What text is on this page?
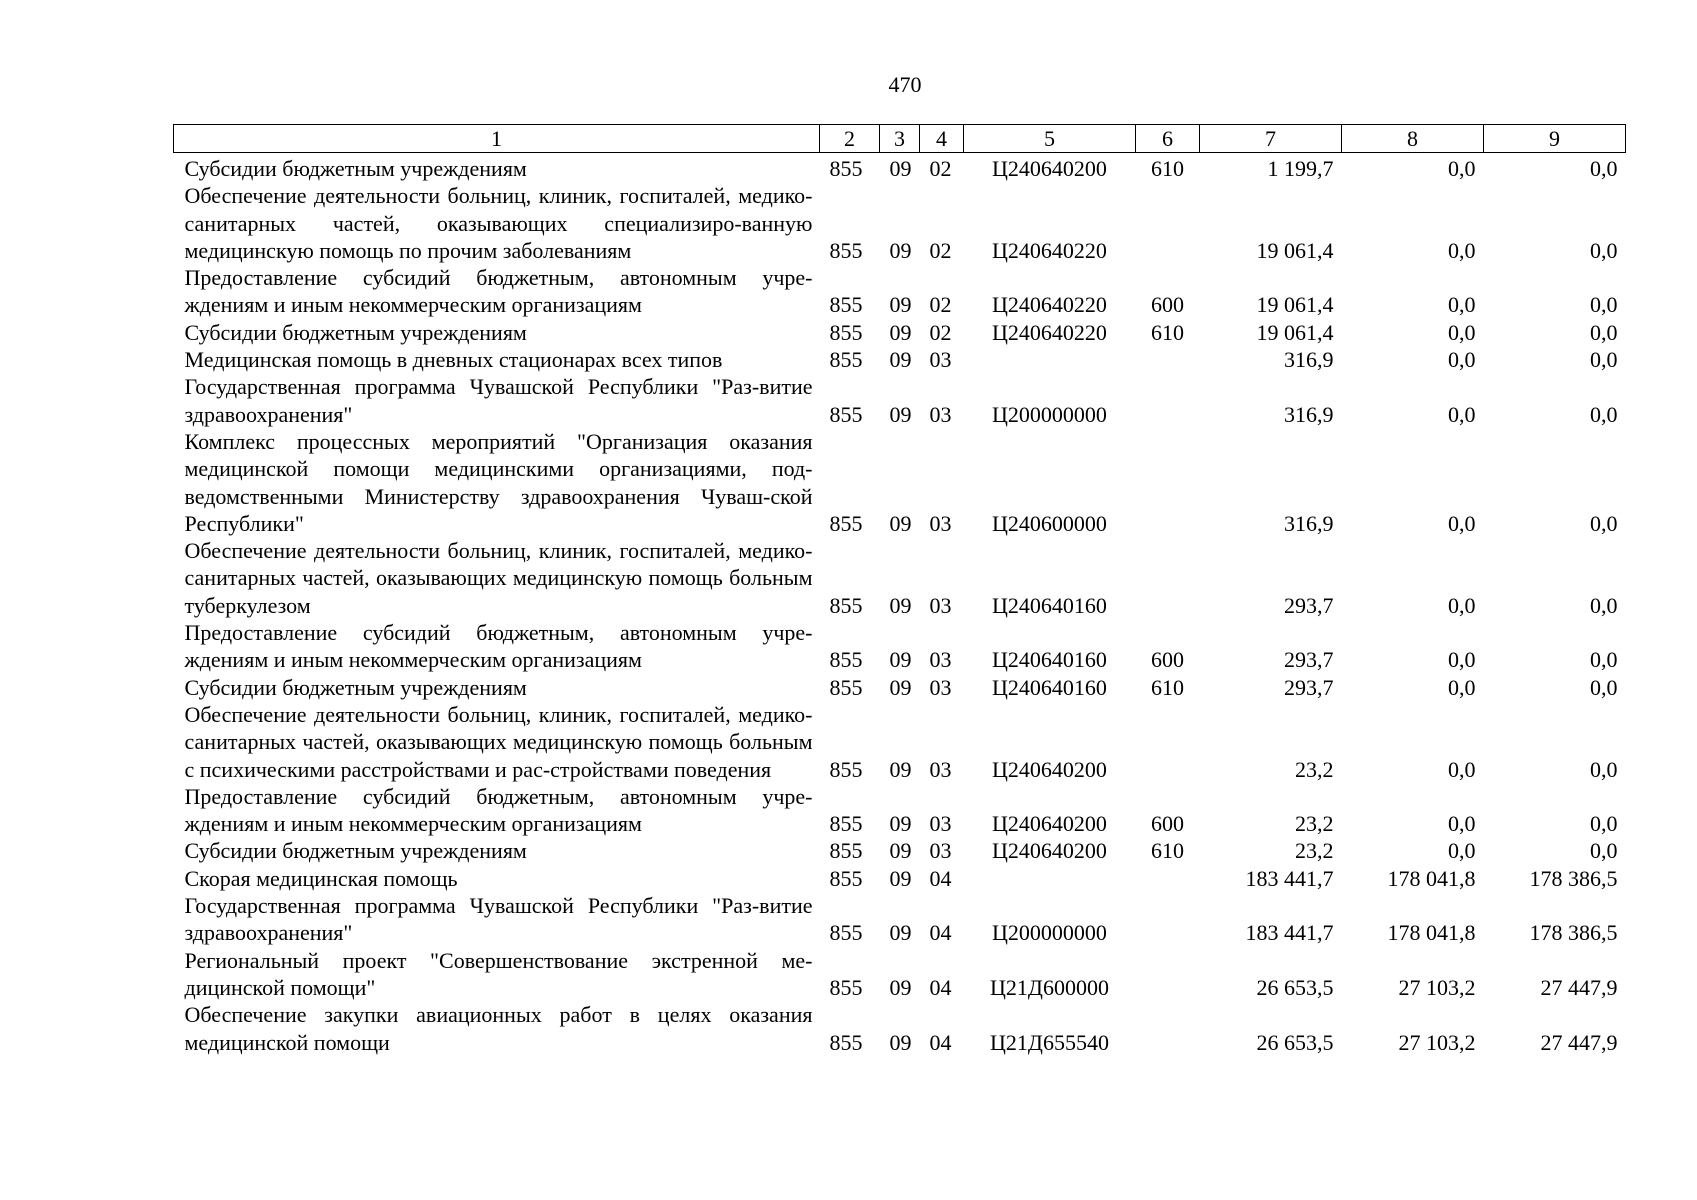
470
1	2	3	4	5	6	7	8	9
Субсидии бюджетным учреждениям	855	09	02	Ц240640200	610	1 199,7	0,0	0,0
Обеспечение деятельности больниц, клиник, госпиталей, медико-санитарных частей, оказывающих специализиро-ванную медицинскую помощь по прочим заболеваниям	855	09	02	Ц240640220		19 061,4	0,0	0,0
Предоставление субсидий бюджетным, автономным учре-ждениям и иным некоммерческим организациям	855	09	02	Ц240640220	600	19 061,4	0,0	0,0
Субсидии бюджетным учреждениям	855	09	02	Ц240640220	610	19 061,4	0,0	0,0
Медицинская помощь в дневных стационарах всех типов	855	09	03			316,9	0,0	0,0
Государственная программа Чувашской Республики "Раз-витие здравоохранения"	855	09	03	Ц200000000		316,9	0,0	0,0
Комплекс процессных мероприятий "Организация оказания медицинской помощи медицинскими организациями, под-ведомственными Министерству здравоохранения Чуваш-ской Республики"	855	09	03	Ц240600000		316,9	0,0	0,0
Обеспечение деятельности больниц, клиник, госпиталей, медико-санитарных частей, оказывающих медицинскую помощь больным туберкулезом	855	09	03	Ц240640160		293,7	0,0	0,0
Предоставление субсидий бюджетным, автономным учре-ждениям и иным некоммерческим организациям	855	09	03	Ц240640160	600	293,7	0,0	0,0
Субсидии бюджетным учреждениям	855	09	03	Ц240640160	610	293,7	0,0	0,0
Обеспечение деятельности больниц, клиник, госпиталей, медико-санитарных частей, оказывающих медицинскую помощь больным с психическими расстройствами и рас-стройствами поведения	855	09	03	Ц240640200		23,2	0,0	0,0
Предоставление субсидий бюджетным, автономным учре-ждениям и иным некоммерческим организациям	855	09	03	Ц240640200	600	23,2	0,0	0,0
Субсидии бюджетным учреждениям	855	09	03	Ц240640200	610	23,2	0,0	0,0
Скорая медицинская помощь	855	09	04			183 441,7	178 041,8	178 386,5
Государственная программа Чувашской Республики "Раз-витие здравоохранения"	855	09	04	Ц200000000		183 441,7	178 041,8	178 386,5
Региональный проект "Совершенствование экстренной ме-дицинской помощи"	855	09	04	Ц21Д600000		26 653,5	27 103,2	27 447,9
Обеспечение закупки авиационных работ в целях оказания медицинской помощи	855	09	04	Ц21Д655540		26 653,5	27 103,2	27 447,9
